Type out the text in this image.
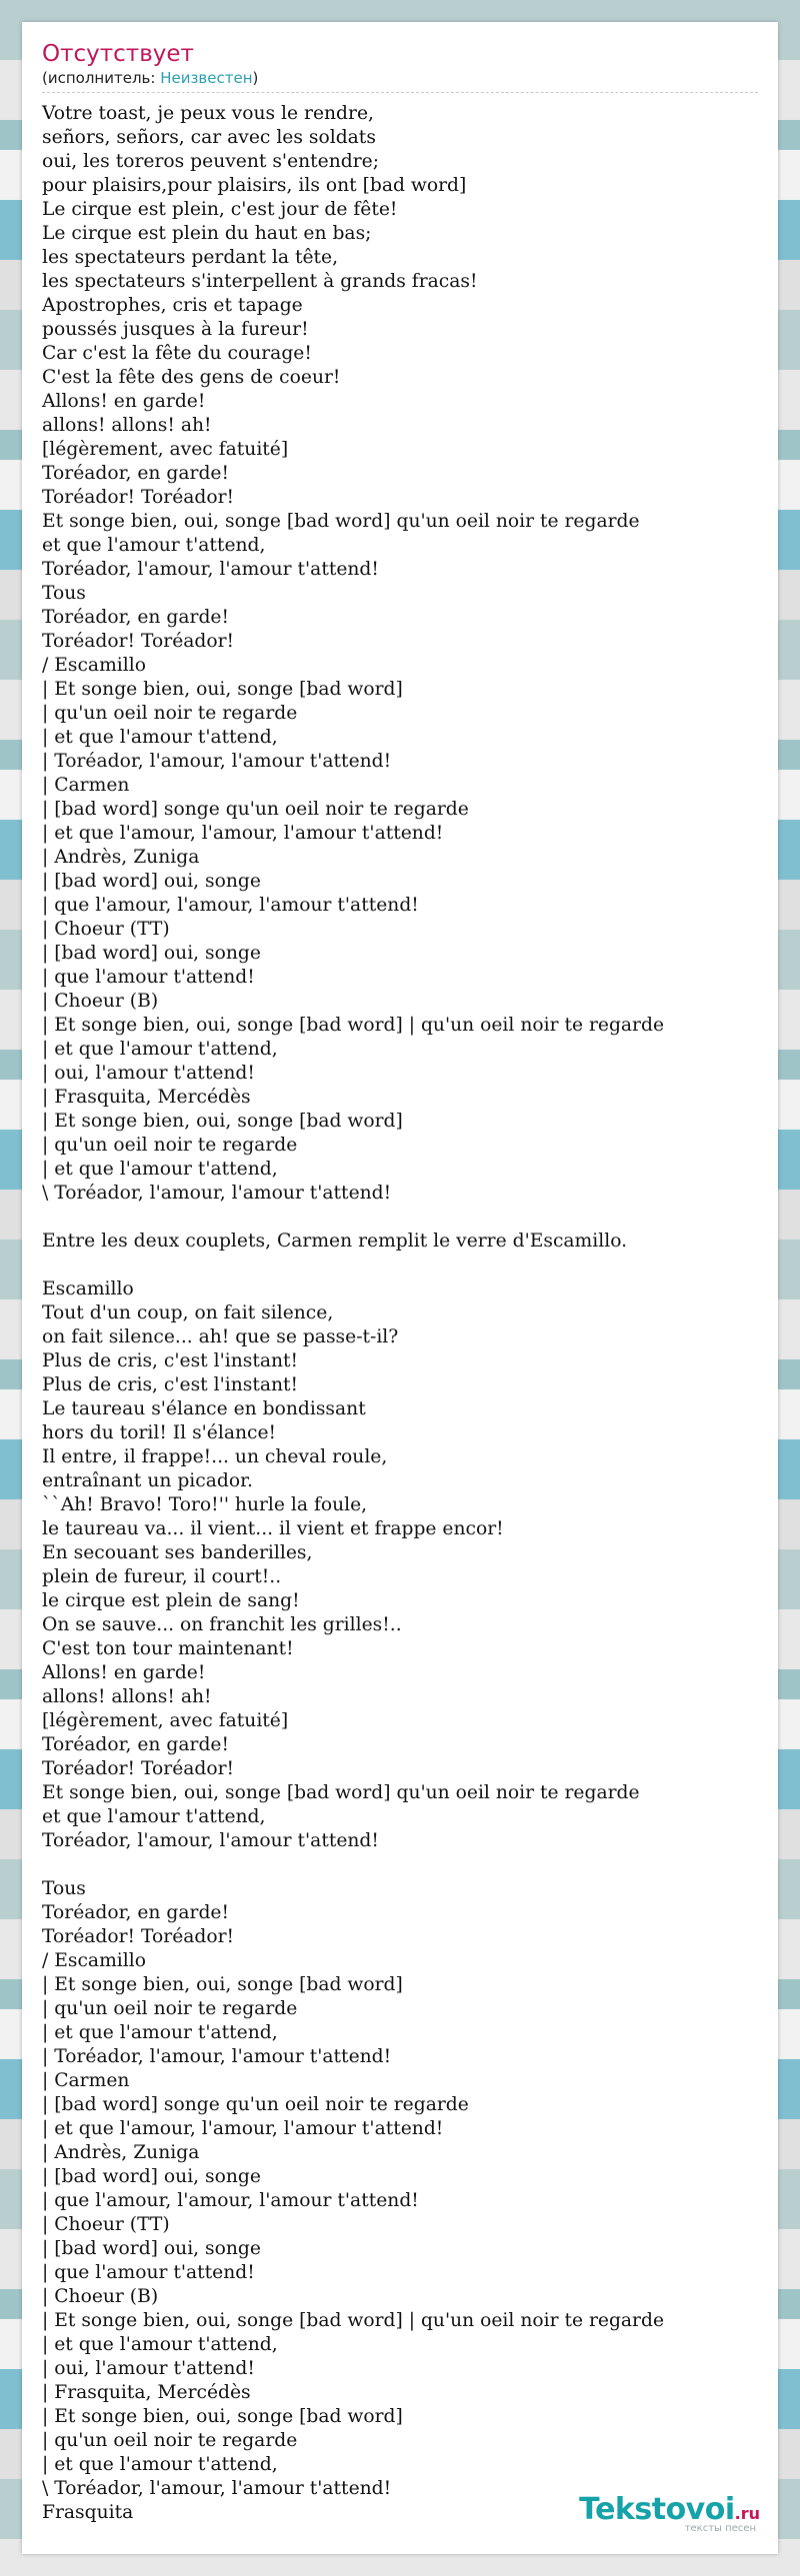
Отсутствует
(исполнитель: Неизвестен)
Votre toast, je peux vous le rendre,
señors, señors, car avec les soldats
oui, les toreros peuvent s'entendre;
pour plaisirs,pour plaisirs, ils ont [bad word]
Le cirque est plein, c'est jour de fête!
Le cirque est plein du haut en bas;
les spectateurs perdant la tête,
les spectateurs s'interpellent à grands fracas!
Apostrophes, cris et tapage
poussés jusques à la fureur!
Car c'est la fête du courage!
C'est la fête des gens de coeur!
Allons! en garde!
allons! allons! ah!
[légèrement, avec fatuité]
Toréador, en garde!
Toréador! Toréador!
Et songe bien, oui, songe [bad word] qu'un oeil noir te regarde
et que l'amour t'attend,
Toréador, l'amour, l'amour t'attend!
Tous
Toréador, en garde!
Toréador! Toréador!
/ Escamillo
| Et songe bien, oui, songe [bad word]
| qu'un oeil noir te regarde
| et que l'amour t'attend,
| Toréador, l'amour, l'amour t'attend!
| Carmen
| [bad word] songe qu'un oeil noir te regarde
| et que l'amour, l'amour, l'amour t'attend!
| Andrès, Zuniga
| [bad word] oui, songe
| que l'amour, l'amour, l'amour t'attend!
| Choeur (TT)
| [bad word] oui, songe
| que l'amour t'attend!
| Choeur (B)
| Et songe bien, oui, songe [bad word] | qu'un oeil noir te regarde
| et que l'amour t'attend,
| oui, l'amour t'attend!
| Frasquita, Mercédès
| Et songe bien, oui, songe [bad word]
| qu'un oeil noir te regarde
| et que l'amour t'attend,
\ Toréador, l'amour, l'amour t'attend!
Entre les deux couplets, Carmen remplit le verre d'Escamillo.
Escamillo
Tout d'un coup, on fait silence,
on fait silence... ah! que se passe-t-il?
Plus de cris, c'est l'instant!
Plus de cris, c'est l'instant!
Le taureau s'élance en bondissant
hors du toril! Il s'élance!
Il entre, il frappe!... un cheval roule,
entraînant un picador.
``Ah! Bravo! Toro!'' hurle la foule,
le taureau va... il vient... il vient et frappe encor!
En secouant ses banderilles,
plein de fureur, il court!..
le cirque est plein de sang!
On se sauve... on franchit les grilles!..
C'est ton tour maintenant!
Allons! en garde!
allons! allons! ah!
[légèrement, avec fatuité]
Toréador, en garde!
Toréador! Toréador!
Et songe bien, oui, songe [bad word] qu'un oeil noir te regarde
et que l'amour t'attend,
Toréador, l'amour, l'amour t'attend!
Tous
Toréador, en garde!
Toréador! Toréador!
/ Escamillo
| Et songe bien, oui, songe [bad word]
| qu'un oeil noir te regarde
| et que l'amour t'attend,
| Toréador, l'amour, l'amour t'attend!
| Carmen
| [bad word] songe qu'un oeil noir te regarde
| et que l'amour, l'amour, l'amour t'attend!
| Andrès, Zuniga
| [bad word] oui, songe
| que l'amour, l'amour, l'amour t'attend!
| Choeur (TT)
| [bad word] oui, songe
| que l'amour t'attend!
| Choeur (B)
| Et songe bien, oui, songe [bad word] | qu'un oeil noir te regarde
| et que l'amour t'attend,
| oui, l'amour t'attend!
| Frasquita, Mercédès
| Et songe bien, oui, songe [bad word]
| qu'un oeil noir te regarde
| et que l'amour t'attend,
\ Toréador, l'amour, l'amour t'attend!
Frasquita	Tekstovoi.ru
тексты песен
